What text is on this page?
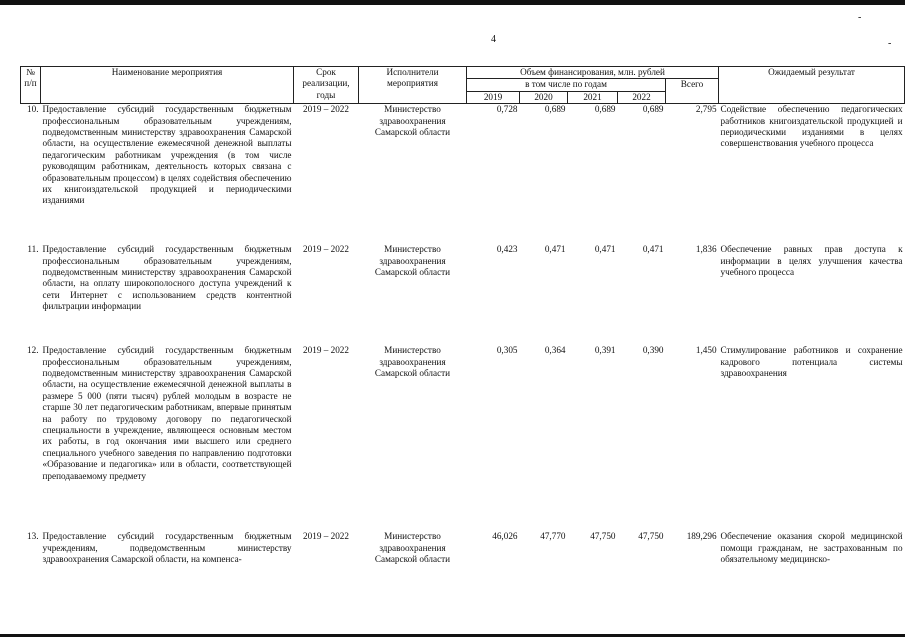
4
-
-
№ п/п	Наименование мероприятия	Срок реализации, годы	Исполнители мероприятия	Объем финансирования, млн. рублей					Ожидаемый результат
				в том числе по годам				Всего	
				2019	2020	2021	2022		
10.	Предоставление субсидий государственным бюджетным профессиональным образовательным учреждениям, подведомственным министерству здравоохранения Самарской области, на осуществление ежемесячной денежной выплаты педагогическим работникам учреждения (в том числе руководящим работникам, деятельность которых связана с образовательным процессом) в целях содействия обеспечению их книгоиздательской продукцией и периодическими изданиями	2019 – 2022	Министерство здравоохранения Самарской области	0,728	0,689	0,689	0,689	2,795	Содействие обеспечению педагогических работников книгоиздательской продукцией и периодическими изданиями в целях совершенствования учебного процесса
11.	Предоставление субсидий государственным бюджетным профессиональным образовательным учреждениям, подведомственным министерству здравоохранения Самарской области, на оплату широкополосного доступа учреждений к сети Интернет с использованием средств контентной фильтрации информации	2019 – 2022	Министерство здравоохранения Самарской области	0,423	0,471	0,471	0,471	1,836	Обеспечение равных прав доступа к информации в целях улучшения качества учебного процесса
12.	Предоставление субсидий государственным бюджетным профессиональным образовательным учреждениям, подведомственным министерству здравоохранения Самарской области, на осуществление ежемесячной денежной выплаты в размере 5 000 (пяти тысяч) рублей молодым в возрасте не старше 30 лет педагогическим работникам, впервые принятым на работу по трудовому договору по педагогической специальности в учреждение, являющееся основным местом их работы, в год окончания ими высшего или среднего специального учебного заведения по направлению подготовки «Образование и педагогика» или в области, соответствующей преподаваемому предмету	2019 – 2022	Министерство здравоохранения Самарской области	0,305	0,364	0,391	0,390	1,450	Стимулирование работников и сохранение кадрового потенциала системы здравоохранения
13.	Предоставление субсидий государственным бюджетным учреждениям, подведомственным министерству здравоохранения Самарской области, на компенса-	2019 – 2022	Министерство здравоохранения Самарской области	46,026	47,770	47,750	47,750	189,296	Обеспечение оказания скорой медицинской помощи гражданам, не застрахованным по обязательному медицинско-
